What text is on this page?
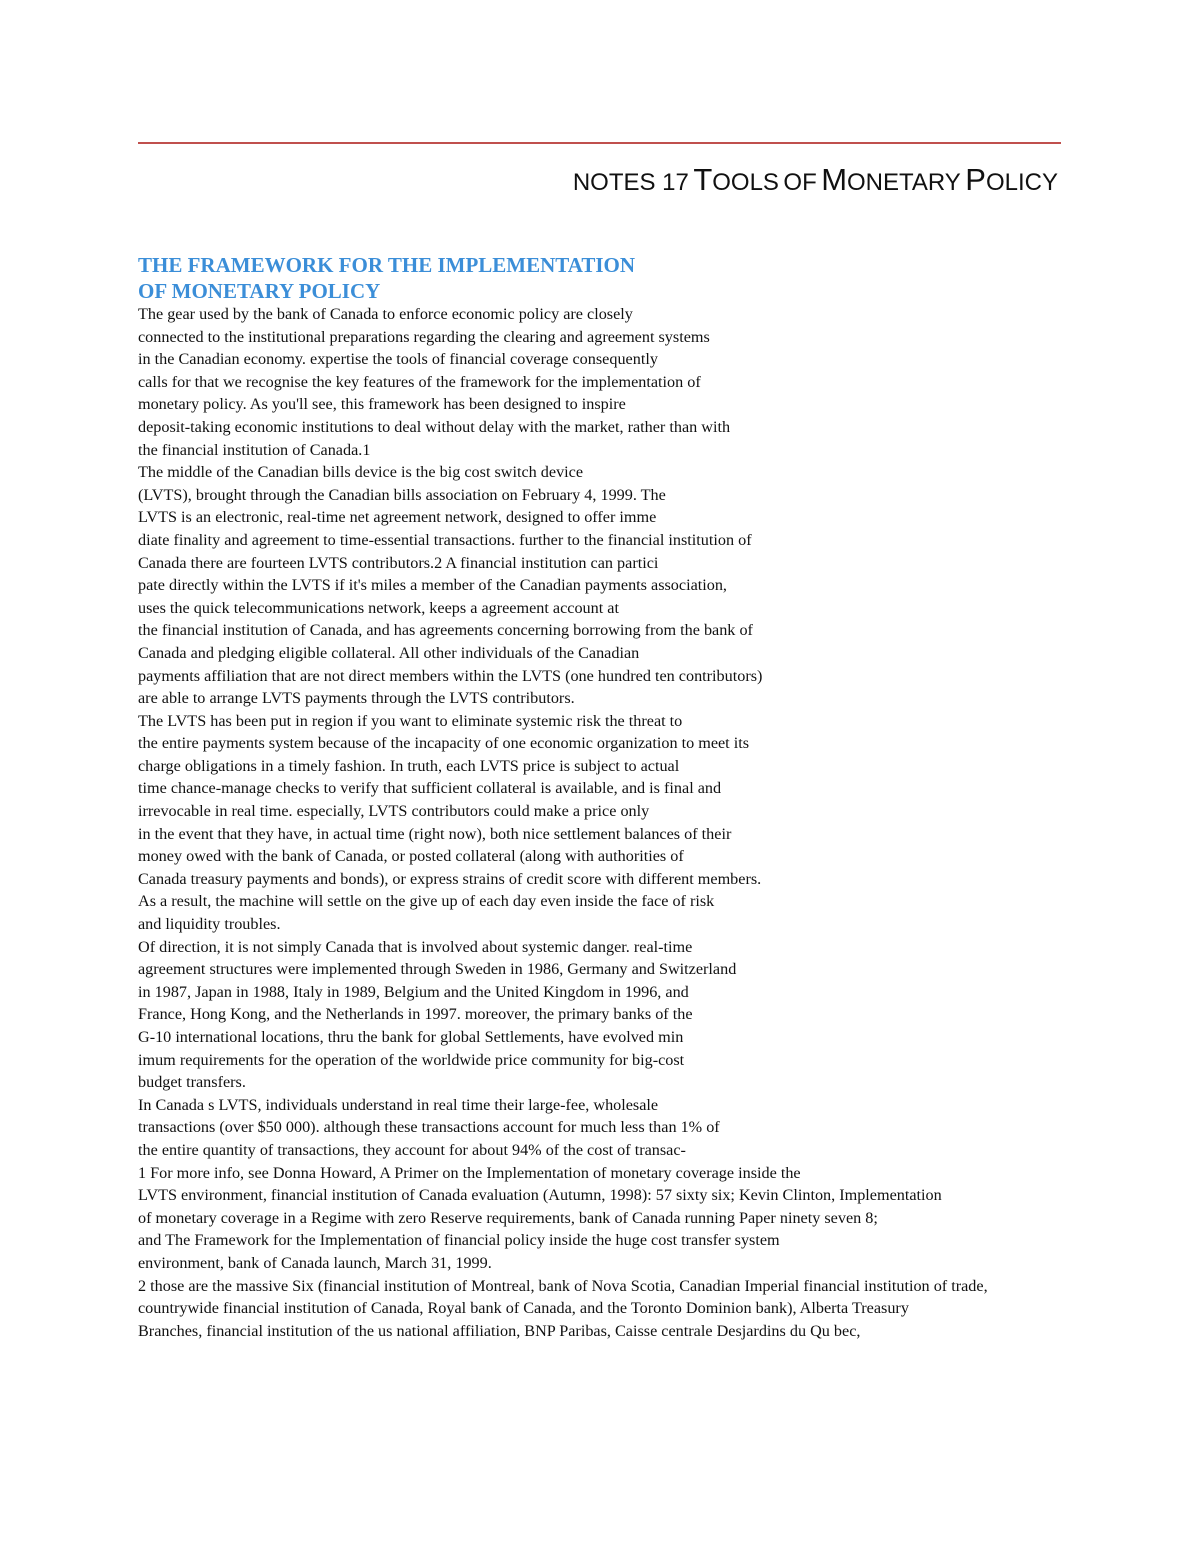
NOTES 17 TOOLS OF MONETARY POLICY
THE FRAMEWORK FOR THE IMPLEMENTATION
OF MONETARY POLICY
The gear used by the bank of Canada to enforce economic policy are closely
connected to the institutional preparations regarding the clearing and agreement systems
in the Canadian economy. expertise the tools of financial coverage consequently
calls for that we recognise the key features of the framework for the implementation of
monetary policy. As you'll see, this framework has been designed to inspire
deposit-taking economic institutions to deal without delay with the market, rather than with
the financial institution of Canada.1
The middle of the Canadian bills device is the big cost switch device
(LVTS), brought through the Canadian bills association on February 4, 1999. The
LVTS is an electronic, real-time net agreement network, designed to offer imme
diate finality and agreement to time-essential transactions. further to the financial institution of
Canada there are fourteen LVTS contributors.2 A financial institution can partici
pate directly within the LVTS if it's miles a member of the Canadian payments association,
uses the quick telecommunications network, keeps a agreement account at
the financial institution of Canada, and has agreements concerning borrowing from the bank of
Canada and pledging eligible collateral. All other individuals of the Canadian
payments affiliation that are not direct members within the LVTS (one hundred ten contributors)
are able to arrange LVTS payments through the LVTS contributors.
The LVTS has been put in region if you want to eliminate systemic risk the threat to
the entire payments system because of the incapacity of one economic organization to meet its
charge obligations in a timely fashion. In truth, each LVTS price is subject to actual
time chance-manage checks to verify that sufficient collateral is available, and is final and
irrevocable in real time. especially, LVTS contributors could make a price only
in the event that they have, in actual time (right now), both nice settlement balances of their
money owed with the bank of Canada, or posted collateral (along with authorities of
Canada treasury payments and bonds), or express strains of credit score with different members.
As a result, the machine will settle on the give up of each day even inside the face of risk
and liquidity troubles.
Of direction, it is not simply Canada that is involved about systemic danger. real-time
agreement structures were implemented through Sweden in 1986, Germany and Switzerland
in 1987, Japan in 1988, Italy in 1989, Belgium and the United Kingdom in 1996, and
France, Hong Kong, and the Netherlands in 1997. moreover, the primary banks of the
G-10 international locations, thru the bank for global Settlements, have evolved min
imum requirements for the operation of the worldwide price community for big-cost
budget transfers.
In Canada s LVTS, individuals understand in real time their large-fee, wholesale
transactions (over $50 000). although these transactions account for much less than 1% of
the entire quantity of transactions, they account for about 94% of the cost of transac-
1 For more info, see Donna Howard, A Primer on the Implementation of monetary coverage inside the
LVTS environment, financial institution of Canada evaluation (Autumn, 1998): 57 sixty six; Kevin Clinton, Implementation
of monetary coverage in a Regime with zero Reserve requirements, bank of Canada running Paper ninety seven 8;
and The Framework for the Implementation of financial policy inside the huge cost transfer system
environment, bank of Canada launch, March 31, 1999.
2 those are the massive Six (financial institution of Montreal, bank of Nova Scotia, Canadian Imperial financial institution of trade,
countrywide financial institution of Canada, Royal bank of Canada, and the Toronto Dominion bank), Alberta Treasury
Branches, financial institution of the us national affiliation, BNP Paribas, Caisse centrale Desjardins du Qu bec,
